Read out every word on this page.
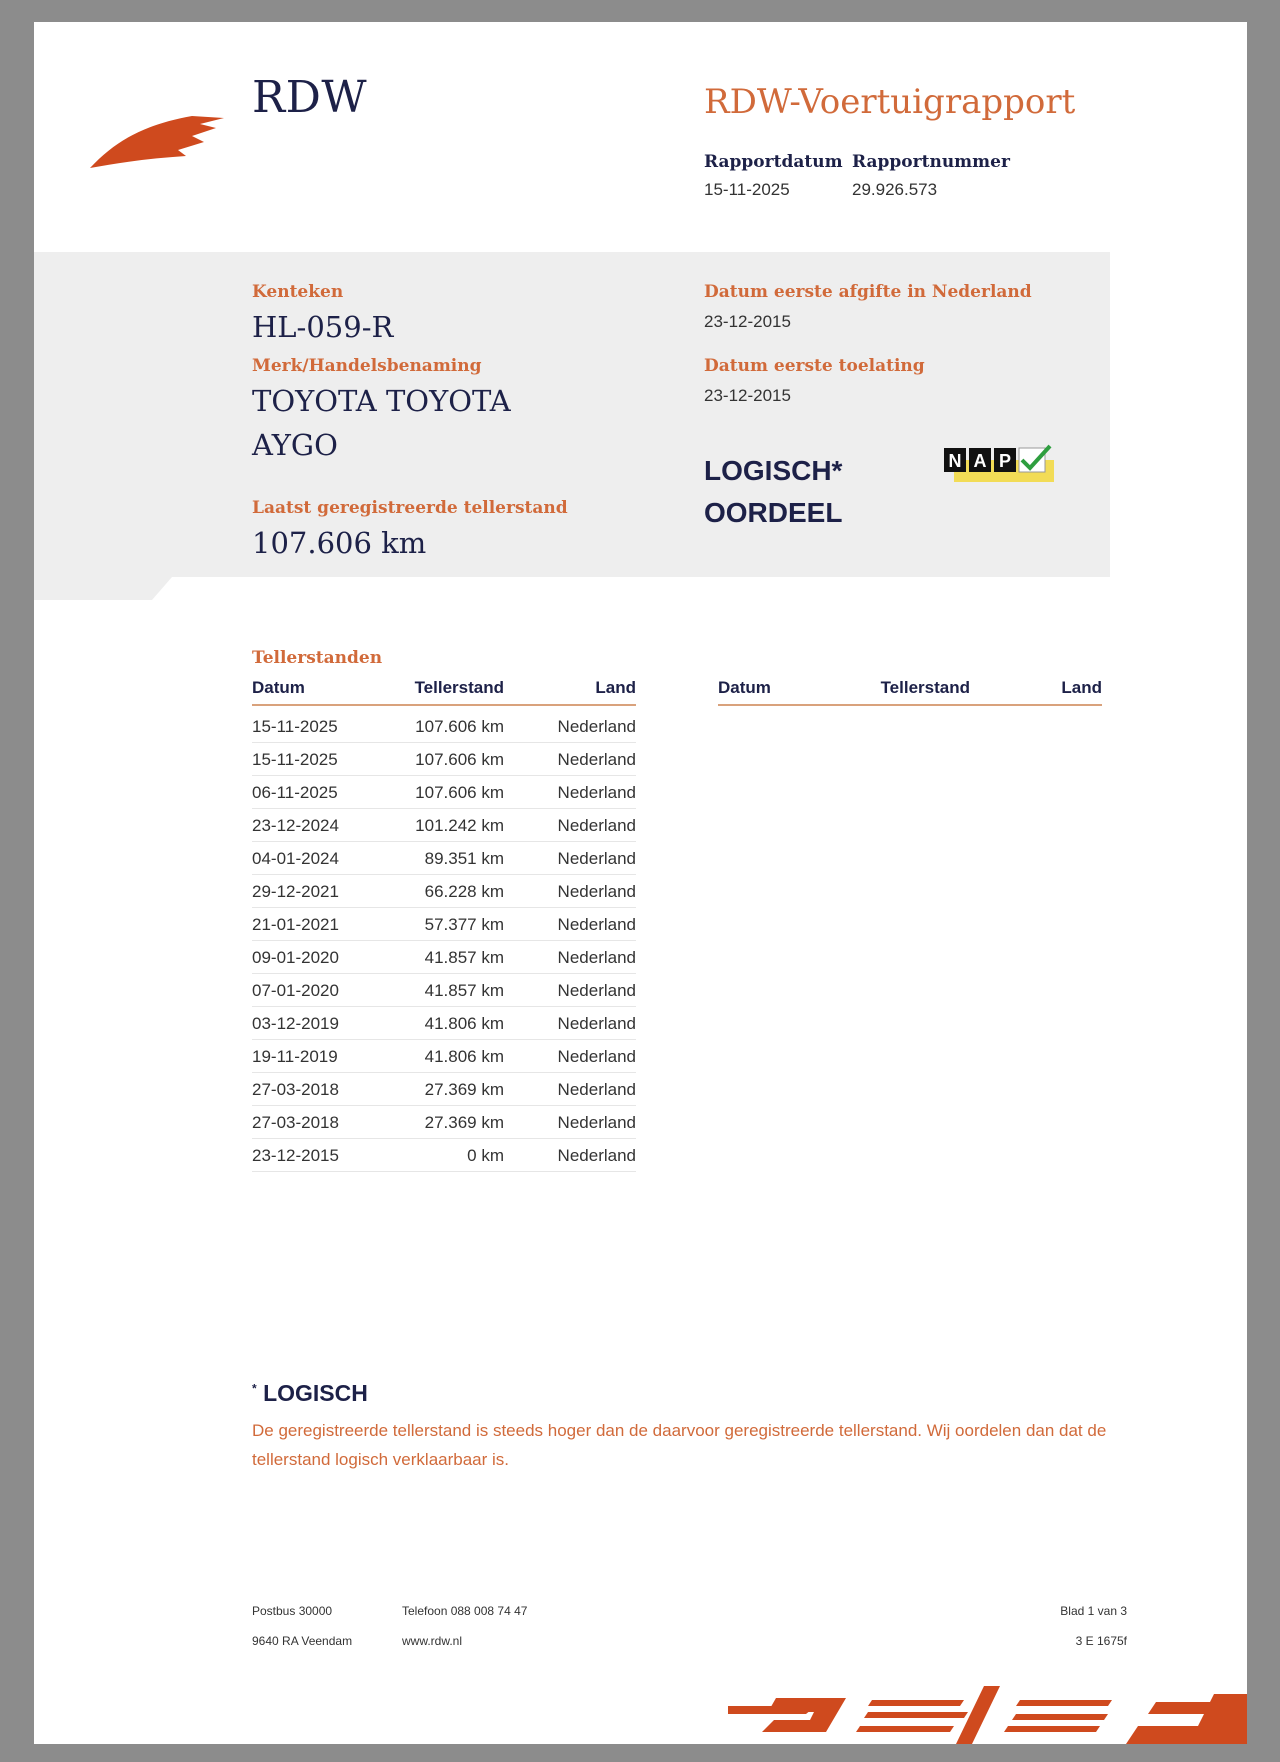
RDW	RDW-Voertuigrapport
Rapportdatum
15-11-2025
Rapportnummer
29.926.573
Kenteken
HL-059-R
Merk/Handelsbenaming
TOYOTA TOYOTA
AYGO
Laatst geregistreerde tellerstand
107.606 km
Datum eerste afgifte in Nederland
23-12-2015
Datum eerste toelating
23-12-2015
LOGISCH*
OORDEEL
N A P
Tellerstanden
Datum	Tellerstand	Land	Datum	Tellerstand	Land
15-11-2025	107.606 km	Nederland
15-11-2025	107.606 km	Nederland
06-11-2025	107.606 km	Nederland
23-12-2024	101.242 km	Nederland
04-01-2024	89.351 km	Nederland
29-12-2021	66.228 km	Nederland
21-01-2021	57.377 km	Nederland
09-01-2020	41.857 km	Nederland
07-01-2020	41.857 km	Nederland
03-12-2019	41.806 km	Nederland
19-11-2019	41.806 km	Nederland
27-03-2018	27.369 km	Nederland
27-03-2018	27.369 km	Nederland
23-12-2015	0 km	Nederland
* LOGISCH
De geregistreerde tellerstand is steeds hoger dan de daarvoor geregistreerde tellerstand. Wij oordelen dan dat de tellerstand logisch verklaarbaar is.
Postbus 30000
9640 RA Veendam
Telefoon 088 008 74 47
www.rdw.nl
Blad 1 van 3
3 E 1675f
